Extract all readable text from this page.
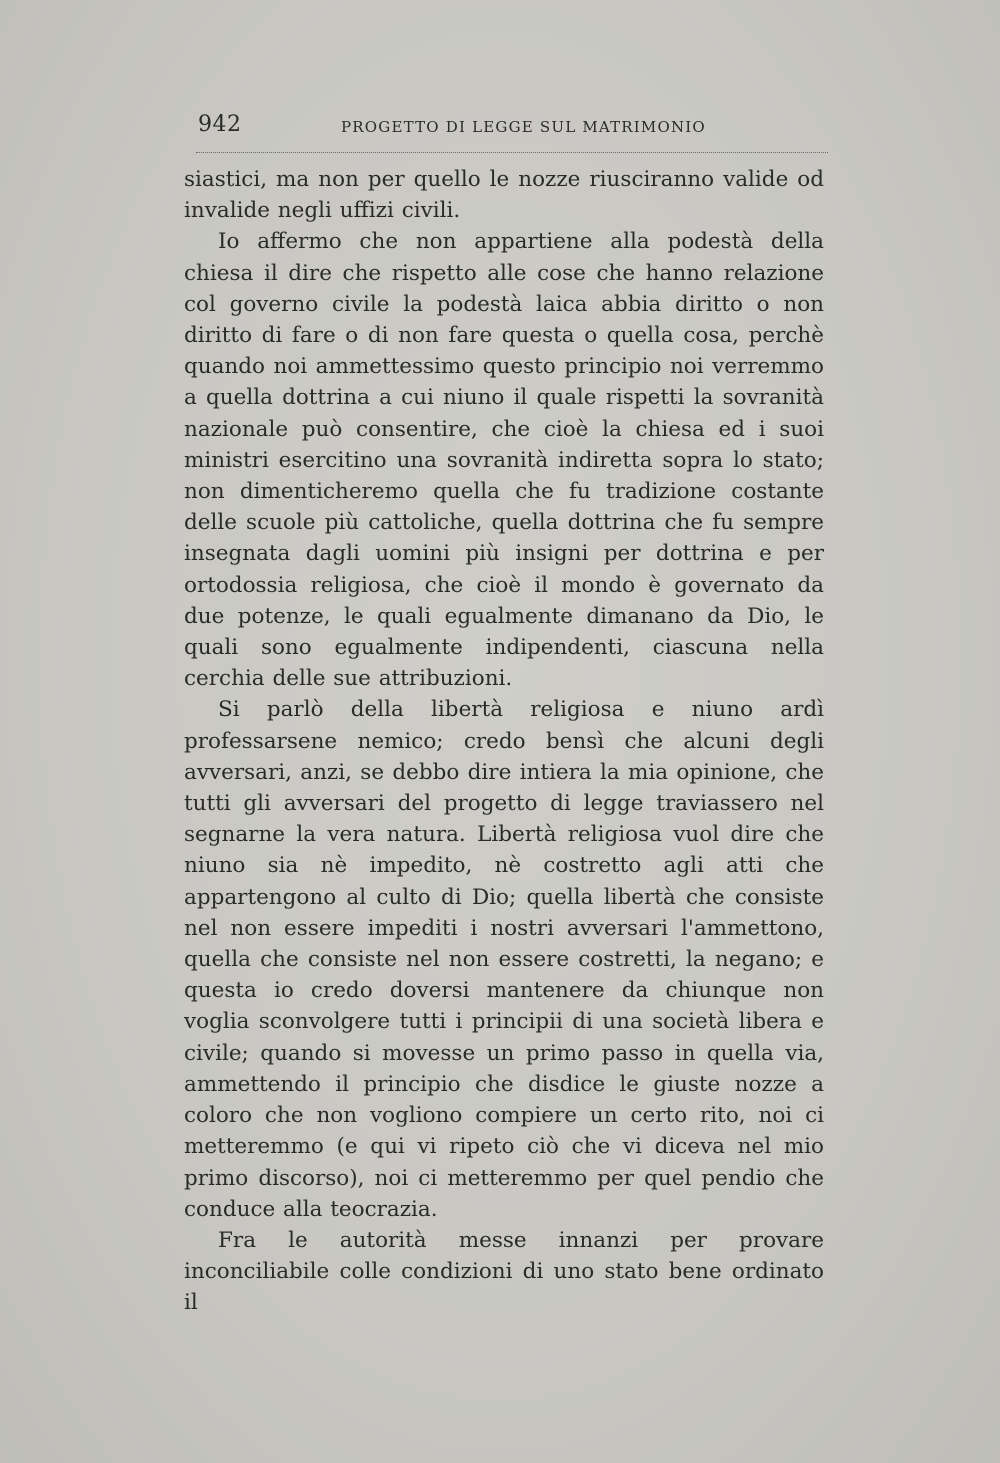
942	PROGETTO DI LEGGE SUL MATRIMONIO

siastici, ma non per quello le nozze riusciranno valide od invalide negli uffizi civili.

Io affermo che non appartiene alla podestà della chiesa il dire che rispetto alle cose che hanno relazione col governo civile la podestà laica abbia diritto o non diritto di fare o di non fare questa o quella cosa, perchè quando noi ammettessimo questo principio noi verremmo a quella dottrina a cui niuno il quale rispetti la sovranità nazionale può consentire, che cioè la chiesa ed i suoi ministri esercitino una sovranità indiretta sopra lo stato; non dimenticheremo quella che fu tradizione costante delle scuole più cattoliche, quella dottrina che fu sempre insegnata dagli uomini più insigni per dottrina e per ortodossia religiosa, che cioè il mondo è governato da due potenze, le quali egualmente dimanano da Dio, le quali sono egualmente indipendenti, ciascuna nella cerchia delle sue attribuzioni.

Si parlò della libertà religiosa e niuno ardì professarsene nemico; credo bensì che alcuni degli avversari, anzi, se debbo dire intiera la mia opinione, che tutti gli avversari del progetto di legge traviassero nel segnarne la vera natura. Libertà religiosa vuol dire che niuno sia nè impedito, nè costretto agli atti che appartengono al culto di Dio; quella libertà che consiste nel non essere impediti i nostri avversari l'ammettono, quella che consiste nel non essere costretti, la negano; e questa io credo doversi mantenere da chiunque non voglia sconvolgere tutti i principii di una società libera e civile; quando si movesse un primo passo in quella via, ammettendo il principio che disdice le giuste nozze a coloro che non vogliono compiere un certo rito, noi ci metteremmo (e qui vi ripeto ciò che vi diceva nel mio primo discorso), noi ci metteremmo per quel pendio che conduce alla teocrazia.

Fra le autorità messe innanzi per provare inconciliabile colle condizioni di uno stato bene ordinato il
